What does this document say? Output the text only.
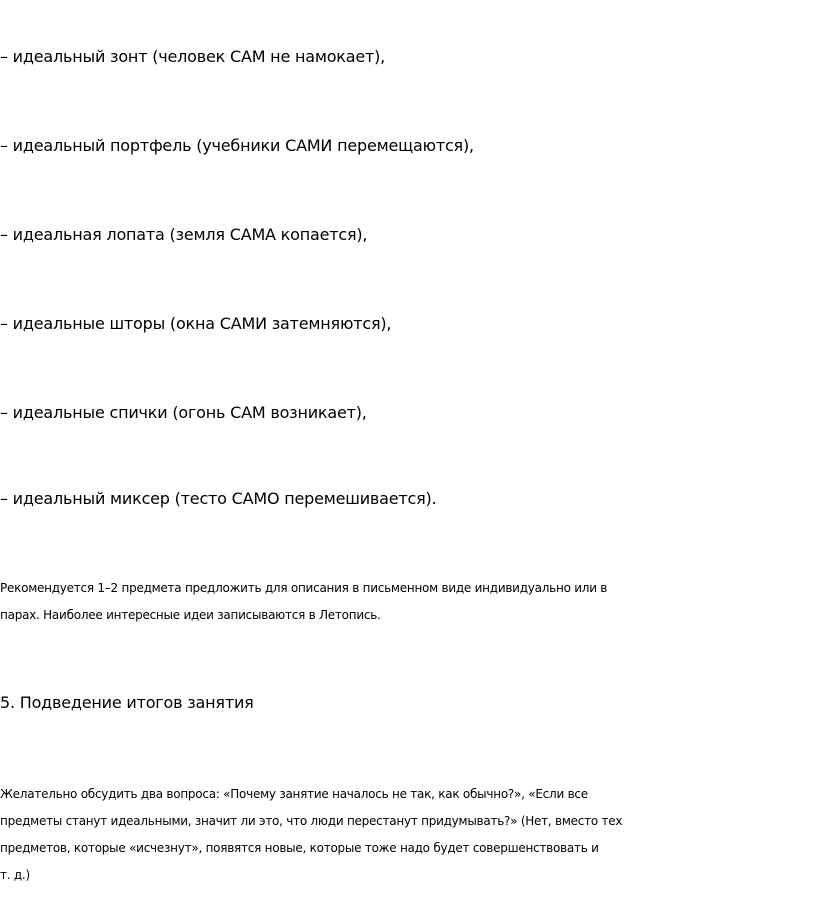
– идеальный зонт (человек САМ не намокает),
– идеальный портфель (учебники САМИ перемещаются),
– идеальная лопата (земля САМА копается),
– идеальные шторы (окна САМИ затемняются),
– идеальные спички (огонь САМ возникает),
– идеальный миксер (тесто САМО перемешивается).
Рекомендуется 1–2 предмета предложить для описания в письменном виде индивидуально или в
парах. Наиболее интересные идеи записываются в Летопись.
5. Подведение итогов занятия
Желательно обсудить два вопроса: «Почему занятие началось не так, как обычно?», «Если все
предметы станут идеальными, значит ли это, что люди перестанут придумывать?» (Нет, вместо тех
предметов, которые «исчезнут», появятся новые, которые тоже надо будет совершенствовать и
т. д.)
